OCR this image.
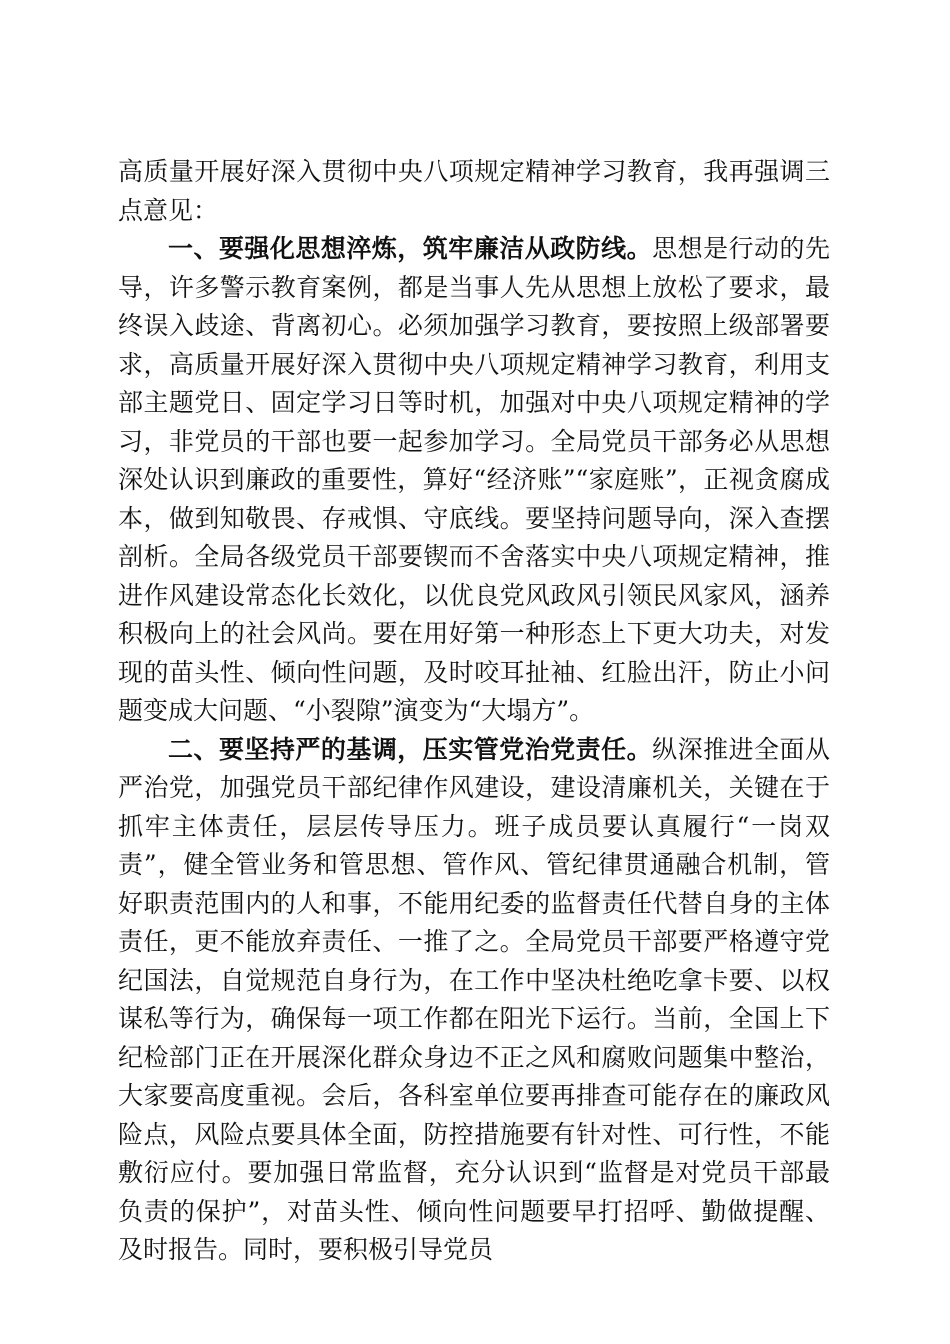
高质量开展好深入贯彻中央八项规定精神学习教育，我再强调三点意见：

一、要强化思想淬炼，筑牢廉洁从政防线。思想是行动的先导，许多警示教育案例，都是当事人先从思想上放松了要求，最终误入歧途、背离初心。必须加强学习教育，要按照上级部署要求，高质量开展好深入贯彻中央八项规定精神学习教育，利用支部主题党日、固定学习日等时机，加强对中央八项规定精神的学习，非党员的干部也要一起参加学习。全局党员干部务必从思想深处认识到廉政的重要性，算好“经济账”“家庭账”，正视贪腐成本，做到知敬畏、存戒惧、守底线。要坚持问题导向，深入查摆剖析。全局各级党员干部要锲而不舍落实中央八项规定精神，推进作风建设常态化长效化，以优良党风政风引领民风家风，涵养积极向上的社会风尚。要在用好第一种形态上下更大功夫，对发现的苗头性、倾向性问题，及时咬耳扯袖、红脸出汗，防止小问题变成大问题、“小裂隙”演变为“大塌方”。

二、要坚持严的基调，压实管党治党责任。纵深推进全面从严治党，加强党员干部纪律作风建设，建设清廉机关，关键在于抓牢主体责任，层层传导压力。班子成员要认真履行“一岗双责”，健全管业务和管思想、管作风、管纪律贯通融合机制，管好职责范围内的人和事，不能用纪委的监督责任代替自身的主体责任，更不能放弃责任、一推了之。全局党员干部要严格遵守党纪国法，自觉规范自身行为，在工作中坚决杜绝吃拿卡要、以权谋私等行为，确保每一项工作都在阳光下运行。当前，全国上下纪检部门正在开展深化群众身边不正之风和腐败问题集中整治，大家要高度重视。会后，各科室单位要再排查可能存在的廉政风险点，风险点要具体全面，防控措施要有针对性、可行性，不能敷衍应付。要加强日常监督，充分认识到“监督是对党员干部最负责的保护”，对苗头性、倾向性问题要早打招呼、勤做提醒、及时报告。同时，要积极引导党员
